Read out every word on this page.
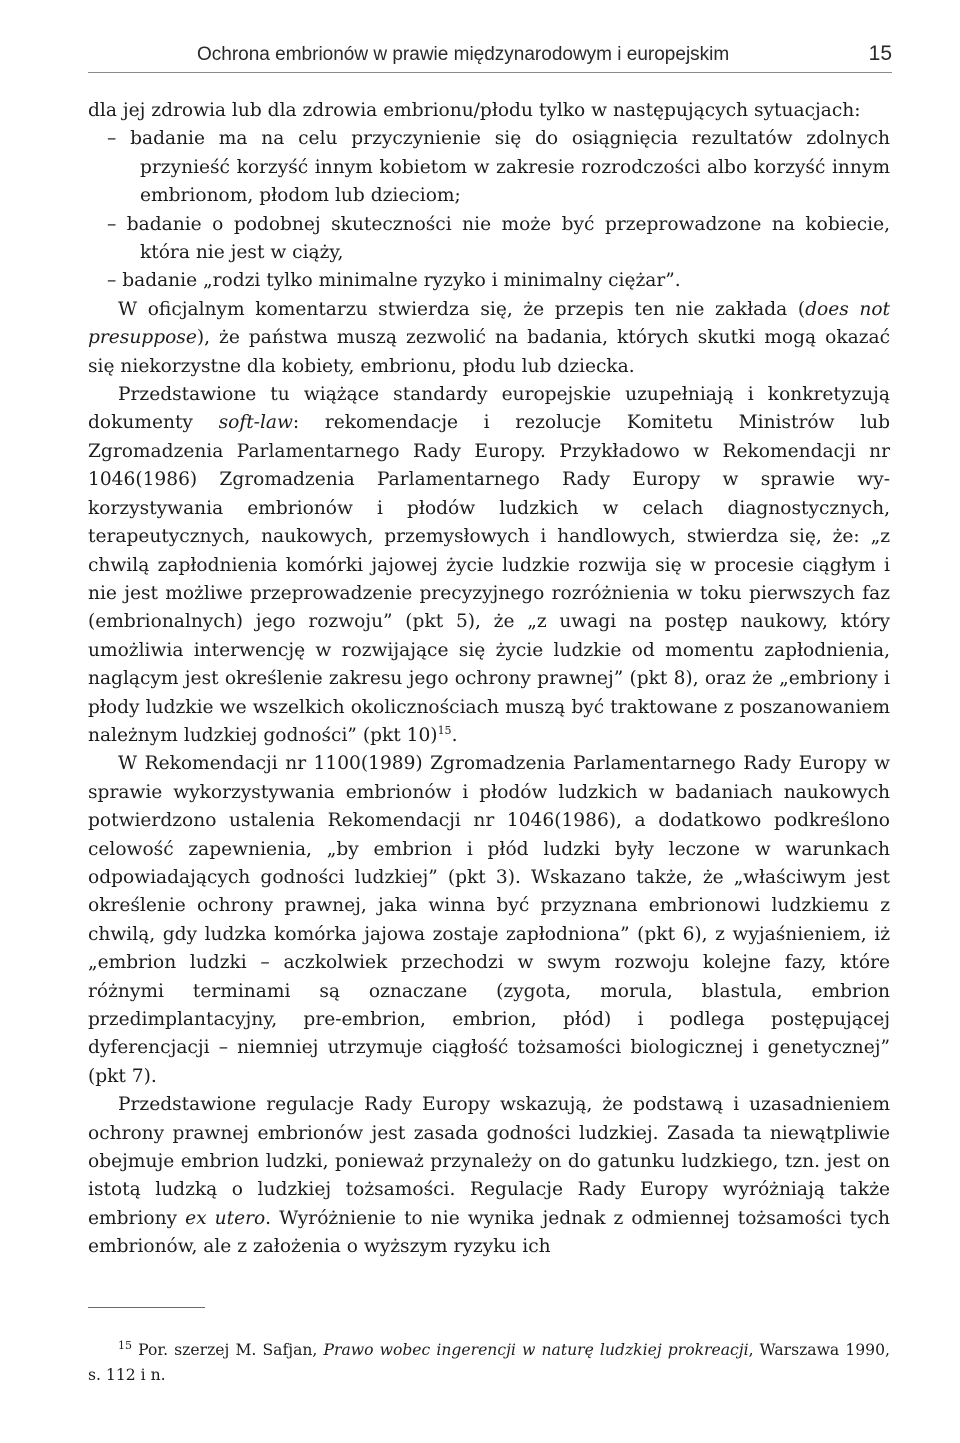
Ochrona embrionów w prawie międzynarodowym i europejskim	15

dla jej zdrowia lub dla zdrowia embrionu/płodu tylko w następujących sytuacjach:

– badanie ma na celu przyczynienie się do osiągnięcia rezultatów zdolnych przynieść korzyść innym kobietom w zakresie rozrodczości albo korzyść innym embrionom, płodom lub dzieciom;

– badanie o podobnej skuteczności nie może być przeprowadzone na kobiecie, która nie jest w ciąży,

– badanie „rodzi tylko minimalne ryzyko i minimalny ciężar”.

W oficjalnym komentarzu stwierdza się, że przepis ten nie zakłada (does not presuppose), że państwa muszą zezwolić na badania, których skutki mogą okazać się niekorzystne dla kobiety, embrionu, płodu lub dziecka.

Przedstawione tu wiążące standardy europejskie uzupełniają i konkretyzują dokumenty soft-law: rekomendacje i rezolucje Komitetu Ministrów lub Zgromadzenia Parlamentarnego Rady Europy. Przykładowo w Rekomendacji nr 1046(1986) Zgromadzenia Parlamentarnego Rady Europy w sprawie wykorzystywania embrionów i płodów ludzkich w celach diagnostycznych, terapeutycznych, naukowych, przemysłowych i handlowych, stwierdza się, że: „z chwilą zapłodnienia komórki jajowej życie ludzkie rozwija się w procesie ciągłym i nie jest możliwe przeprowadzenie precyzyjnego rozróżnienia w toku pierwszych faz (embrionalnych) jego rozwoju” (pkt 5), że „z uwagi na postęp naukowy, który umożliwia interwencję w rozwijające się życie ludzkie od momentu zapłodnienia, naglącym jest określenie zakresu jego ochrony prawnej” (pkt 8), oraz że „embriony i płody ludzkie we wszelkich okolicznościach muszą być traktowane z poszanowaniem należnym ludzkiej godności” (pkt 10)$^{15}$.

W Rekomendacji nr 1100(1989) Zgromadzenia Parlamentarnego Rady Europy w sprawie wykorzystywania embrionów i płodów ludzkich w badaniach naukowych potwierdzono ustalenia Rekomendacji nr 1046(1986), a dodatkowo podkreślono celowość zapewnienia, „by embrion i płód ludzki były leczone w warunkach odpowiadających godności ludzkiej” (pkt 3). Wskazano także, że „właściwym jest określenie ochrony prawnej, jaka winna być przyznana embrionowi ludzkiemu z chwilą, gdy ludzka komórka jajowa zostaje zapłodniona” (pkt 6), z wyjaśnieniem, iż „embrion ludzki – aczkolwiek przechodzi w swym rozwoju kolejne fazy, które różnymi terminami są oznaczane (zygota, morula, blastula, embrion przedimplantacyjny, pre-embrion, embrion, płód) i podlega postępującej dyferencjacji – niemniej utrzymuje ciągłość tożsamości biologicznej i genetycznej” (pkt 7).

Przedstawione regulacje Rady Europy wskazują, że podstawą i uzasadnieniem ochrony prawnej embrionów jest zasada godności ludzkiej. Zasada ta niewątpliwie obejmuje embrion ludzki, ponieważ przynależy on do gatunku ludzkiego, tzn. jest on istotą ludzką o ludzkiej tożsamości. Regulacje Rady Europy wyróżniają także embriony ex utero. Wyróżnienie to nie wynika jednak z odmiennej tożsamości tych embrionów, ale z założenia o wyższym ryzyku ich

$^{15}$ Por. szerzej M. Safjan, Prawo wobec ingerencji w naturę ludzkiej prokreacji, Warszawa 1990, s. 112 i n.
